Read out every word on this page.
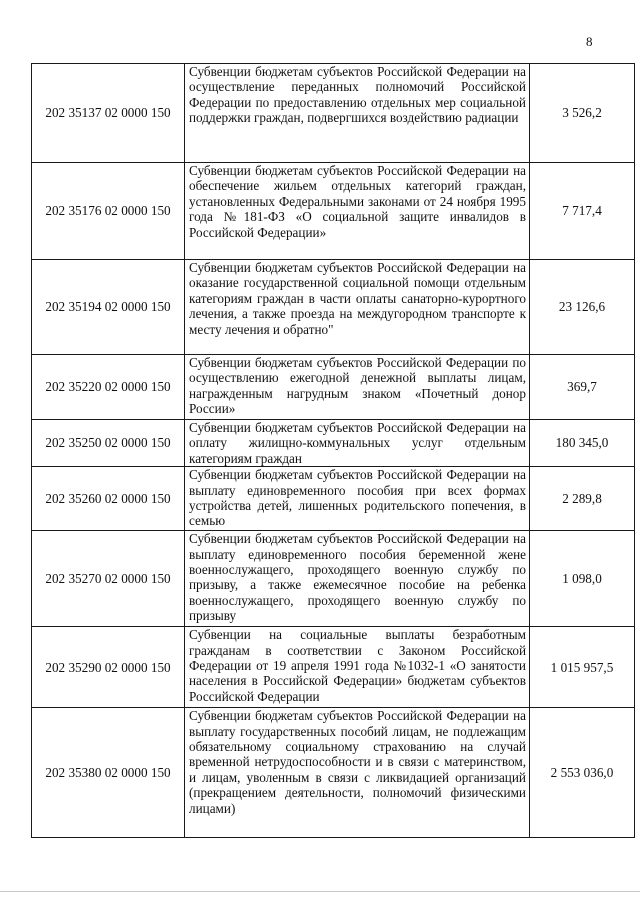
8
202 35137 02 0000 150	Субвенции бюджетам субъектов Российской Федерации на осуществление переданных полномочий Российской Федерации по предоставлению отдельных мер социальной поддержки граждан, подвергшихся воздействию радиации	3 526,2
202 35176 02 0000 150	Субвенции бюджетам субъектов Российской Федерации на обеспечение жильем отдельных категорий граждан, установленных Федеральными законами от 24 ноября 1995 года №181-ФЗ «О социальной защите инвалидов в Российской Федерации»	7 717,4
202 35194 02 0000 150	Субвенции бюджетам субъектов Российской Федерации на оказание государственной социальной помощи отдельным категориям граждан в части оплаты санаторно-курортного лечения, а также проезда на междугородном транспорте к месту лечения и обратно"	23 126,6
202 35220 02 0000 150	Субвенции бюджетам субъектов Российской Федерации по осуществлению ежегодной денежной выплаты лицам, награжденным нагрудным знаком «Почетный донор России»	369,7
202 35250 02 0000 150	Субвенции бюджетам субъектов Российской Федерации на оплату жилищно-коммунальных услуг отдельным категориям граждан	180 345,0
202 35260 02 0000 150	Субвенции бюджетам субъектов Российской Федерации на выплату единовременного пособия при всех формах устройства детей, лишенных родительского попечения, в семью	2 289,8
202 35270 02 0000 150	Субвенции бюджетам субъектов Российской Федерации на выплату единовременного пособия беременной жене военнослужащего, проходящего военную службу по призыву, а также ежемесячное пособие на ребенка военнослужащего, проходящего военную службу по призыву	1 098,0
202 35290 02 0000 150	Субвенции на социальные выплаты безработным гражданам в соответствии с Законом Российской Федерации от 19 апреля 1991 года №1032-1 «О занятости населения в Российской Федерации» бюджетам субъектов Российской Федерации	1 015 957,5
202 35380 02 0000 150	Субвенции бюджетам субъектов Российской Федерации на выплату государственных пособий лицам, не подлежащим обязательному социальному страхованию на случай временной нетрудоспособности и в связи с материнством, и лицам, уволенным в связи с ликвидацией организаций (прекращением деятельности, полномочий физическими лицами)	2 553 036,0
